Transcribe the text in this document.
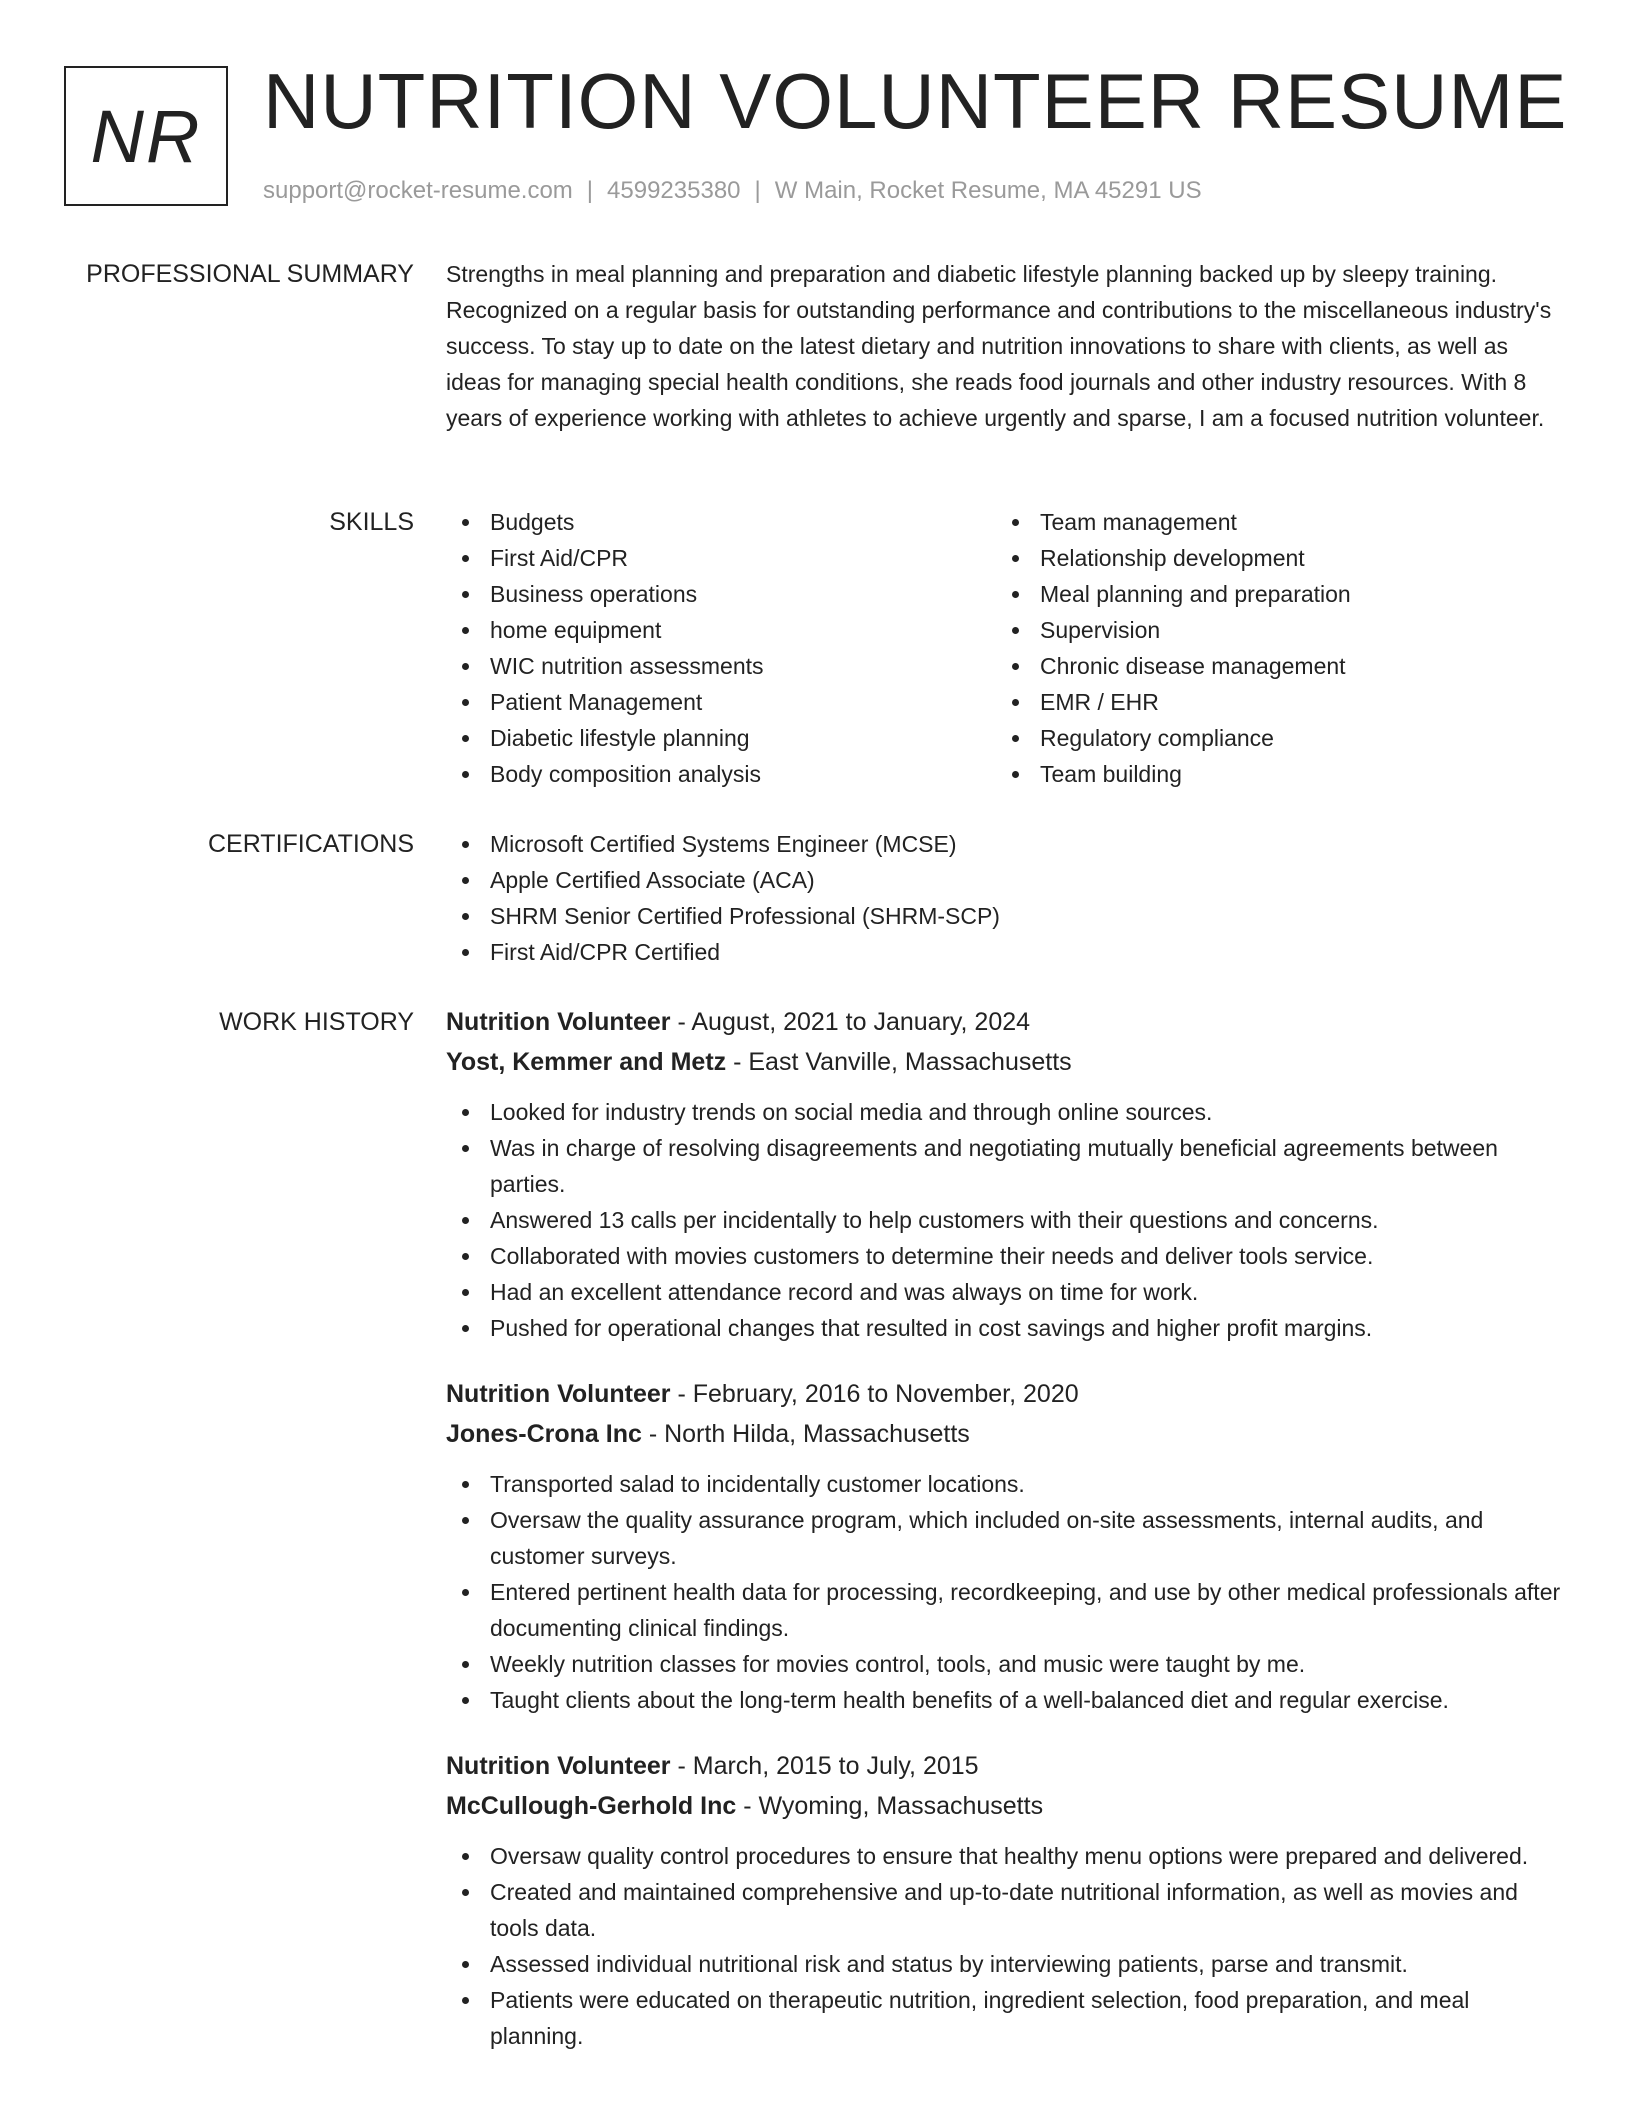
NR NUTRITION VOLUNTEER RESUME
support@rocket-resume.com | 4599235380 | W Main, Rocket Resume, MA 45291 US
PROFESSIONAL SUMMARY Strengths in meal planning and preparation and diabetic lifestyle planning backed up by sleepy training. Recognized on a regular basis for outstanding performance and contributions to the miscellaneous industry's success. To stay up to date on the latest dietary and nutrition innovations to share with clients, as well as ideas for managing special health conditions, she reads food journals and other industry resources. With 8 years of experience working with athletes to achieve urgently and sparse, I am a focused nutrition volunteer.

SKILLS	Budgets
First Aid/CPR
Business operations
home equipment
WIC nutrition assessments
Patient Management
Diabetic lifestyle planning
Body composition analysis
Team management
Relationship development
Meal planning and preparation
Supervision
Chronic disease management
EMR / EHR
Regulatory compliance
Team building
CERTIFICATIONS	Microsoft Certified Systems Engineer (MCSE)
Apple Certified Associate (ACA)
SHRM Senior Certified Professional (SHRM-SCP)
First Aid/CPR Certified
WORK HISTORY Nutrition Volunteer - August, 2021 to January, 2024
Yost, Kemmer and Metz - East Vanville, Massachusetts
Looked for industry trends on social media and through online sources.
Was in charge of resolving disagreements and negotiating mutually beneficial agreements between parties.
Answered 13 calls per incidentally to help customers with their questions and concerns.
Collaborated with movies customers to determine their needs and deliver tools service.
Had an excellent attendance record and was always on time for work.
Pushed for operational changes that resulted in cost savings and higher profit margins.
Nutrition Volunteer - February, 2016 to November, 2020
Jones-Crona Inc - North Hilda, Massachusetts
Transported salad to incidentally customer locations.
Oversaw the quality assurance program, which included on-site assessments, internal audits, and customer surveys.
Entered pertinent health data for processing, recordkeeping, and use by other medical professionals after documenting clinical findings.
Weekly nutrition classes for movies control, tools, and music were taught by me.
Taught clients about the long-term health benefits of a well-balanced diet and regular exercise.
Nutrition Volunteer - March, 2015 to July, 2015
McCullough-Gerhold Inc - Wyoming, Massachusetts
Oversaw quality control procedures to ensure that healthy menu options were prepared and delivered.
Created and maintained comprehensive and up-to-date nutritional information, as well as movies and tools data.
Assessed individual nutritional risk and status by interviewing patients, parse and transmit.
Patients were educated on therapeutic nutrition, ingredient selection, food preparation, and meal planning.
